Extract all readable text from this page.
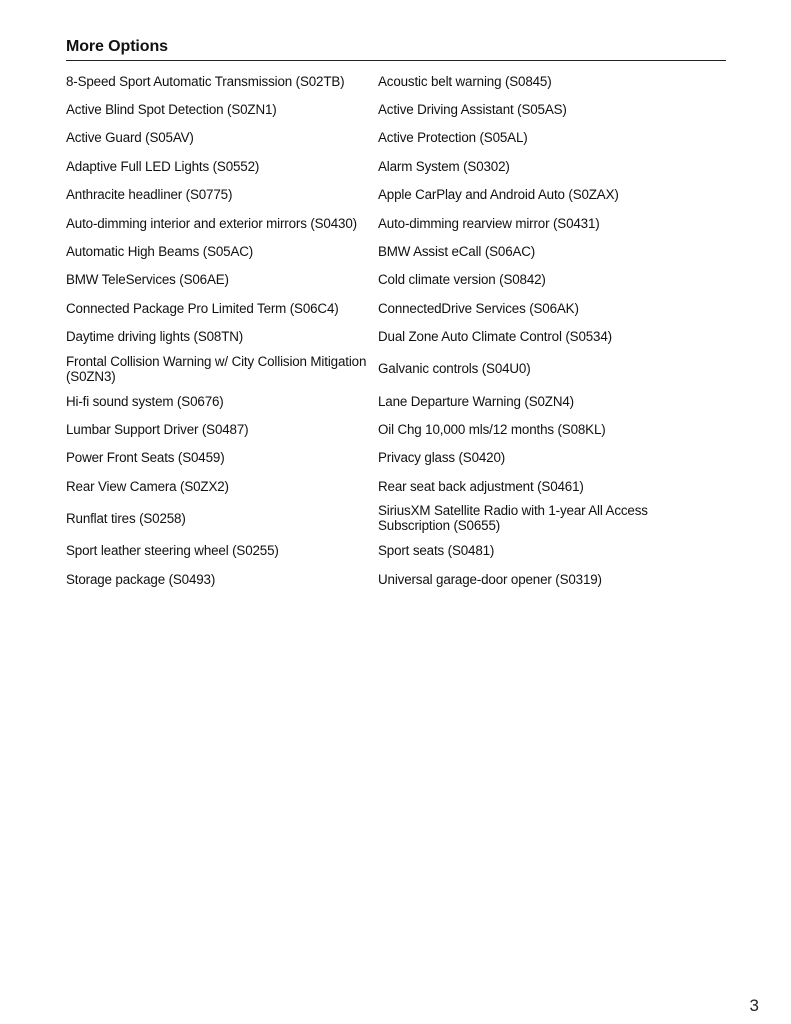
More Options
8-Speed Sport Automatic Transmission (S02TB)	Acoustic belt warning (S0845)
Active Blind Spot Detection (S0ZN1)	Active Driving Assistant (S05AS)
Active Guard (S05AV)	Active Protection (S05AL)
Adaptive Full LED Lights (S0552)	Alarm System (S0302)
Anthracite headliner (S0775)	Apple CarPlay and Android Auto (S0ZAX)
Auto-dimming interior and exterior mirrors (S0430)	Auto-dimming rearview mirror (S0431)
Automatic High Beams (S05AC)	BMW Assist eCall (S06AC)
BMW TeleServices (S06AE)	Cold climate version (S0842)
Connected Package Pro Limited Term (S06C4)	ConnectedDrive Services (S06AK)
Daytime driving lights (S08TN)	Dual Zone Auto Climate Control (S0534)
Frontal Collision Warning w/ City Collision Mitigation (S0ZN3)	Galvanic controls (S04U0)
Hi-fi sound system (S0676)	Lane Departure Warning (S0ZN4)
Lumbar Support Driver (S0487)	Oil Chg 10,000 mls/12 months (S08KL)
Power Front Seats (S0459)	Privacy glass (S0420)
Rear View Camera (S0ZX2)	Rear seat back adjustment (S0461)
Runflat tires (S0258)	SiriusXM Satellite Radio with 1-year All Access Subscription (S0655)
Sport leather steering wheel (S0255)	Sport seats (S0481)
Storage package (S0493)	Universal garage-door opener (S0319)
3
